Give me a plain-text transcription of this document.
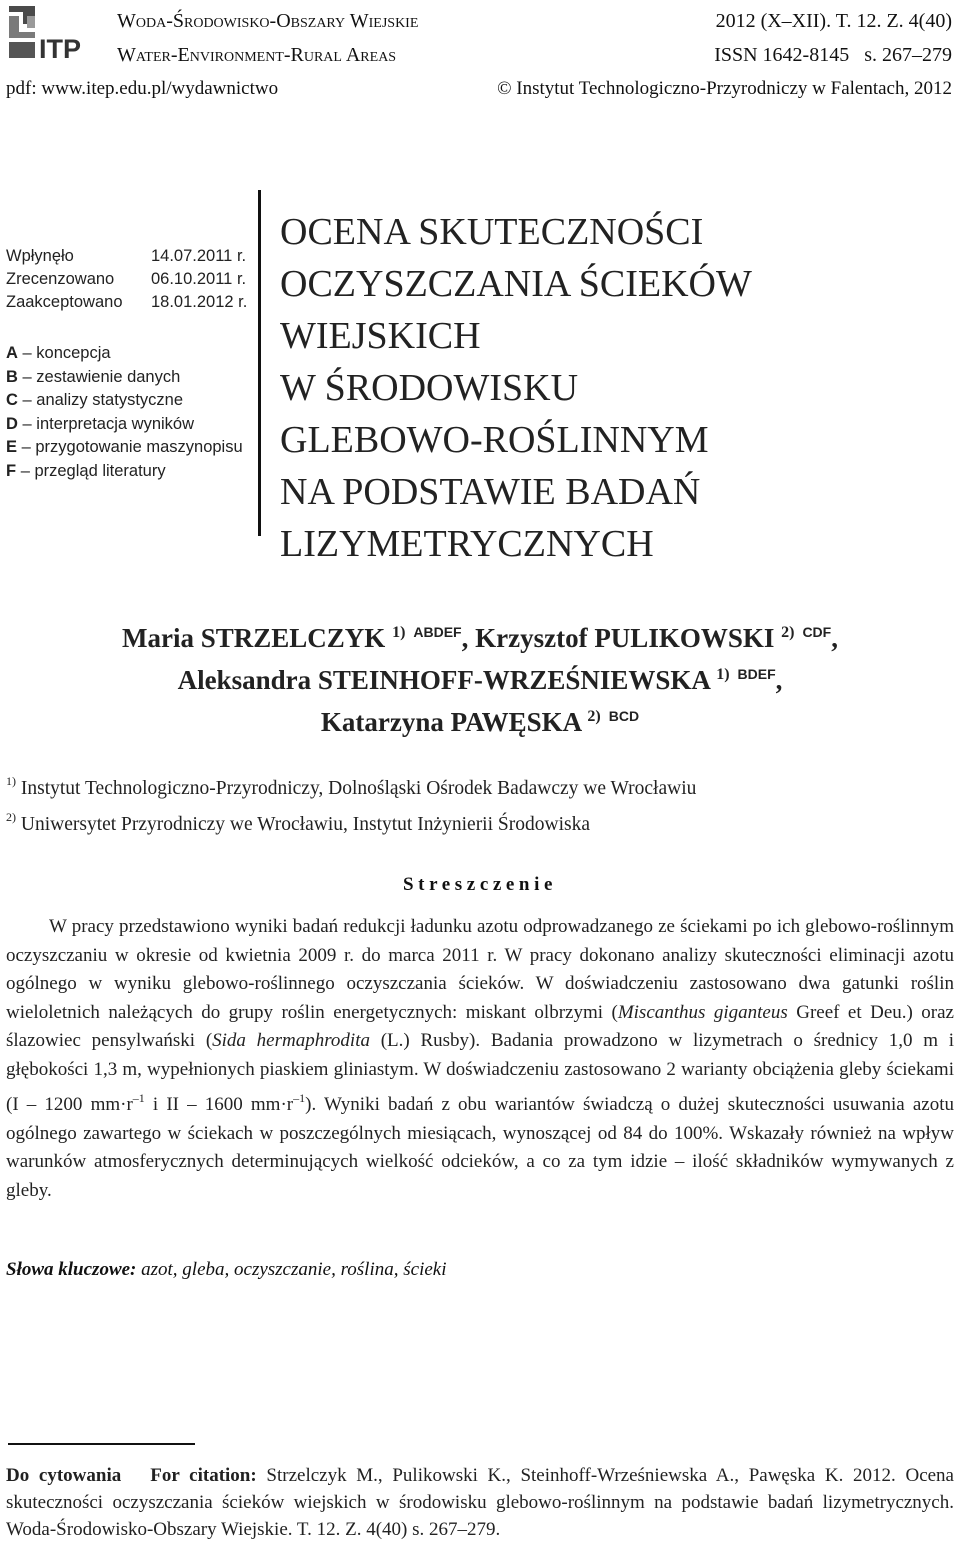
ITP
Woda-Środowisko-Obszary Wiejskie
Water-Environment-Rural Areas
2012 (X–XII). T. 12. Z. 4(40)
ISSN 1642-8145   s. 267–279
pdf: www.itep.edu.pl/wydawnictwo	© Instytut Technologiczno-Przyrodniczy w Falentach, 2012
Wpłynęło	14.07.2011 r.
Zrecenzowano 06.10.2011 r.
Zaakceptowano 18.01.2012 r.
A – koncepcja
B – zestawienie danych
C – analizy statystyczne
D – interpretacja wyników
E – przygotowanie maszynopisu
F – przegląd literatury
OCENA SKUTECZNOŚCI
OCZYSZCZANIA ŚCIEKÓW WIEJSKICH
W ŚRODOWISKU
GLEBOWO-ROŚLINNYM
NA PODSTAWIE BADAŃ
LIZYMETRYCZNYCH
Maria STRZELCZYK $^{1)}$ $^{ABDEF}$, Krzysztof PULIKOWSKI $^{2)}$ $^{CDF}$,
Aleksandra STEINHOFF-WRZEŚNIEWSKA $^{1)}$ $^{BDEF}$,
Katarzyna PAWĘSKA $^{2)}$ $^{BCD}$
$^{1)}$ Instytut Technologiczno-Przyrodniczy, Dolnośląski Ośrodek Badawczy we Wrocławiu
$^{2)}$ Uniwersytet Przyrodniczy we Wrocławiu, Instytut Inżynierii Środowiska
Streszczenie

W pracy przedstawiono wyniki badań redukcji ładunku azotu odprowadzanego ze ściekami po ich glebowo-roślinnym oczyszczaniu w okresie od kwietnia 2009 r. do marca 2011 r. W pracy dokonano analizy skuteczności eliminacji azotu ogólnego w wyniku glebowo-roślinnego oczyszczania ścieków. W doświadczeniu zastosowano dwa gatunki roślin wieloletnich należących do grupy roślin energetycznych: miskant olbrzymi (Miscanthus giganteus Greef et Deu.) oraz ślazowiec pensylwański (Sida hermaphrodita (L.) Rusby). Badania prowadzono w lizymetrach o średnicy 1,0 m i głębokości 1,3 m, wypełnionych piaskiem gliniastym. W doświadczeniu zastosowano 2 warianty obciążenia gleby ściekami (I – 1200 $mm\cdot r^{-1}$ i II – 1600 $mm\cdot r^{-1}$). Wyniki badań z obu wariantów świadczą o dużej skuteczności usuwania azotu ogólnego zawartego w ściekach w poszczególnych miesiącach, wynoszącej od 84 do 100%. Wskazały również na wpływ warunków atmosferycznych determinujących wielkość odcieków, a co za tym idzie – ilość składników wymywanych z gleby.

Słowa kluczowe: azot, gleba, oczyszczanie, roślina, ścieki
Do cytowania   For citation: Strzelczyk M., Pulikowski K., Steinhoff-Wrześniewska A., Pawęska K. 2012. Ocena skuteczności oczyszczania ścieków wiejskich w środowisku glebowo-roślinnym na podstawie badań lizymetrycznych. Woda-Środowisko-Obszary Wiejskie. T. 12. Z. 4(40) s. 267–279.
